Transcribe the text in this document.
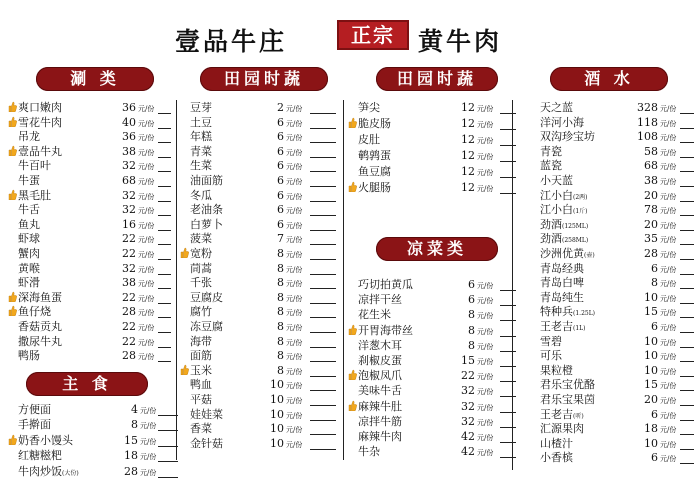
壹品牛庄	正宗 黄牛肉
涮 类	田园时蔬	田园时蔬	酒 水
凉菜类
主 食
爽口嫩肉	36 元/份
雪花牛肉	40 元/份
吊龙	36 元/份
壹品牛丸	38 元/份
牛百叶	32 元/份
牛蛋	68 元/份
黑毛肚	32 元/份
牛舌	32 元/份
鱼丸	16 元/份
虾球	22 元/份
蟹肉	22 元/份
黄喉	32 元/份
虾滑	38 元/份
深海鱼蛋	22 元/份
鱼仔烧	28 元/份
香菇贡丸	22 元/份
撒尿牛丸	22 元/份
鸭肠	28 元/份
方便面	4 元/份
手擀面	8 元/份
奶香小馒头	15 元/份
红糖糍粑	18 元/份
牛肉炒饭(大份)	28 元/份
豆芽	2 元/份
土豆	6 元/份
年糕	6 元/份
青菜	6 元/份
生菜	6 元/份
油面筋	6 元/份
冬瓜	6 元/份
老油条	6 元/份
白萝卜	6 元/份
菠菜	7 元/份
宽粉	8 元/份
茼蒿	8 元/份
千张	8 元/份
豆腐皮	8 元/份
腐竹	8 元/份
冻豆腐	8 元/份
海带	8 元/份
面筋	8 元/份
玉米	8 元/份
鸭血	10 元/份
平菇	10 元/份
娃娃菜	10 元/份
香菜	10 元/份
金针菇	10 元/份
笋尖	12 元/份
脆皮肠	12 元/份
皮肚	12 元/份
鹌鹑蛋	12 元/份
鱼豆腐	12 元/份
火腿肠	12 元/份
巧切拍黄瓜	6 元/份
凉拌干丝	6 元/份
花生米	8 元/份
开胃海带丝	8 元/份
洋葱木耳	8 元/份
刹椒皮蛋	15 元/份
泡椒凤爪	22 元/份
美味牛舌	32 元/份
麻辣牛肚	32 元/份
凉拌牛筋	32 元/份
麻辣牛肉	42 元/份
牛杂	42 元/份
天之蓝	328 元/份
洋河小海	118 元/份
双沟珍宝坊	108 元/份
青瓷	58 元/份
蓝瓷	68 元/份
小天蓝	38 元/份
江小白(2两)	20 元/份
江小白(1斤)	78 元/份
劲酒(125ML)	20 元/份
劲酒(258ML)	35 元/份
沙洲优黄(壶)	28 元/份
青岛经典	6 元/份
青岛白啤	8 元/份
青岛纯生	10 元/份
特种兵(1.25L)	15 元/份
王老吉(1L)	6 元/份
雪碧	10 元/份
可乐	10 元/份
果粒橙	10 元/份
君乐宝优酪	15 元/份
君乐宝果茵	20 元/份
王老吉(听)	6 元/份
汇源果肉	18 元/份
山楂汁	10 元/份
小香槟	6 元/份
